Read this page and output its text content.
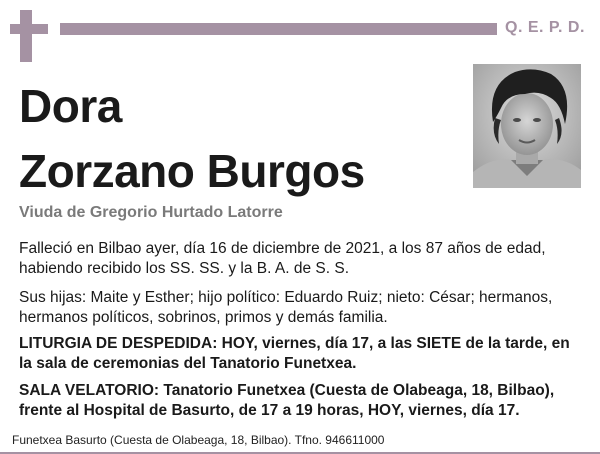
Q. E. P. D.
Dora
Zorzano Burgos
Viuda de Gregorio Hurtado Latorre
Falleció en Bilbao ayer, día 16 de diciembre de 2021, a los 87 años de edad, habiendo recibido los SS. SS. y la B. A. de S. S.
Sus hijas: Maite y Esther; hijo político: Eduardo Ruiz; nieto: César; hermanos, hermanos políticos, sobrinos, primos y demás familia.
LITURGIA DE DESPEDIDA: HOY, viernes, día 17, a las SIETE de la tarde, en la sala de ceremonias del Tanatorio Funetxea.
SALA VELATORIO: Tanatorio Funetxea (Cuesta de Olabeaga, 18, Bilbao), frente al Hospital de Basurto, de 17 a 19 horas, HOY, viernes, día 17.
Funetxea Basurto (Cuesta de Olabeaga, 18, Bilbao). Tfno. 946611000
